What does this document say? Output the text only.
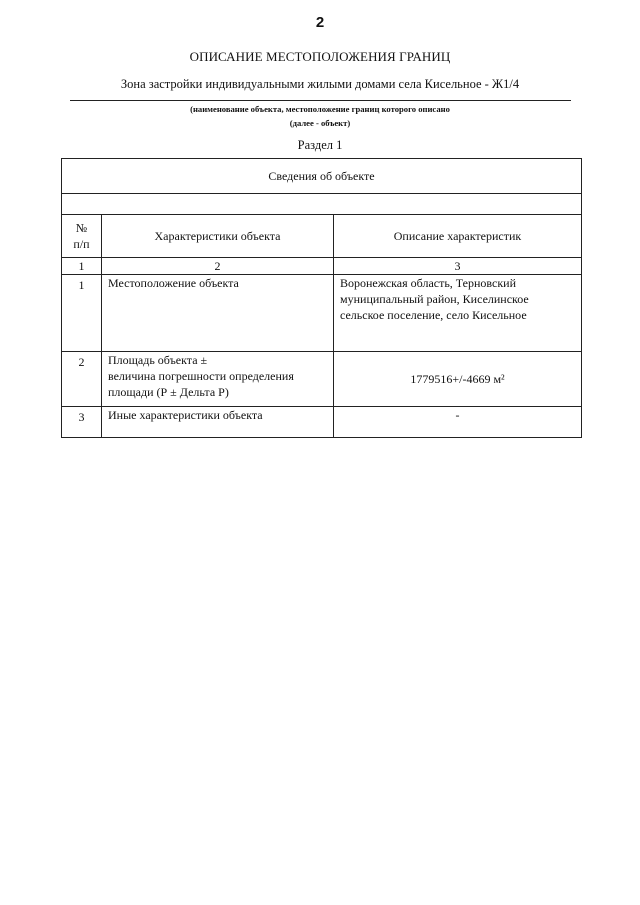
2
ОПИСАНИЕ МЕСТОПОЛОЖЕНИЯ ГРАНИЦ
Зона застройки индивидуальными жилыми домами села Кисельное - Ж1/4
(наименование объекта, местоположение границ которого описано
(далее - объект)
Раздел 1
Сведения об объекте		

№
п/п	Характеристики объекта	Описание характеристик
1	2	3
1	Местоположение объекта	Воронежская область, Терновский
муниципальный район, Киселинское
сельское поселение, село Кисельное

2	Площадь объекта ±
величина погрешности определения
площади (Р ± Дельта Р)	1779516+/-4669 м²
3	Иные характеристики объекта	-
